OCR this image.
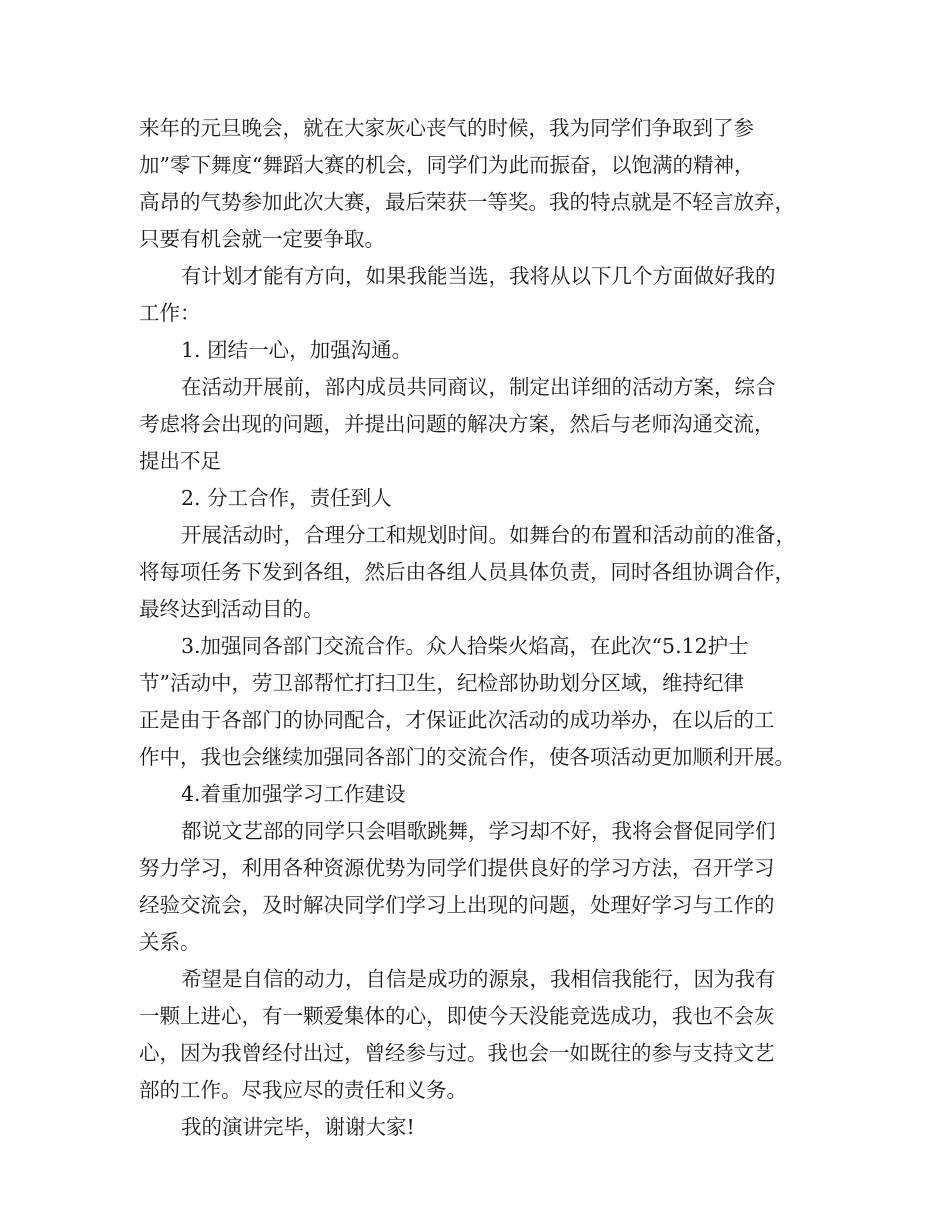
来年的元旦晚会，就在大家灰心丧气的时候，我为同学们争取到了参
加”零下舞度“舞蹈大赛的机会，同学们为此而振奋，以饱满的精神，
高昂的气势参加此次大赛，最后荣获一等奖。我的特点就是不轻言放弃，
只要有机会就一定要争取。
有计划才能有方向，如果我能当选，我将从以下几个方面做好我的
工作：
1. 团结一心，加强沟通。
在活动开展前，部内成员共同商议，制定出详细的活动方案，综合
考虑将会出现的问题，并提出问题的解决方案，然后与老师沟通交流，
提出不足
2. 分工合作，责任到人
开展活动时，合理分工和规划时间。如舞台的布置和活动前的准备，
将每项任务下发到各组，然后由各组人员具体负责，同时各组协调合作，
最终达到活动目的。
3.加强同各部门交流合作。众人拾柴火焰高，在此次“5.12护士
节”活动中，劳卫部帮忙打扫卫生，纪检部协助划分区域，维持纪律
正是由于各部门的协同配合，才保证此次活动的成功举办，在以后的工
作中，我也会继续加强同各部门的交流合作，使各项活动更加顺利开展。
4.着重加强学习工作建设
都说文艺部的同学只会唱歌跳舞，学习却不好，我将会督促同学们
努力学习，利用各种资源优势为同学们提供良好的学习方法，召开学习
经验交流会，及时解决同学们学习上出现的问题，处理好学习与工作的
关系。
希望是自信的动力，自信是成功的源泉，我相信我能行，因为我有
一颗上进心，有一颗爱集体的心，即使今天没能竞选成功，我也不会灰
心，因为我曾经付出过，曾经参与过。我也会一如既往的参与支持文艺
部的工作。尽我应尽的责任和义务。
我的演讲完毕，谢谢大家!
